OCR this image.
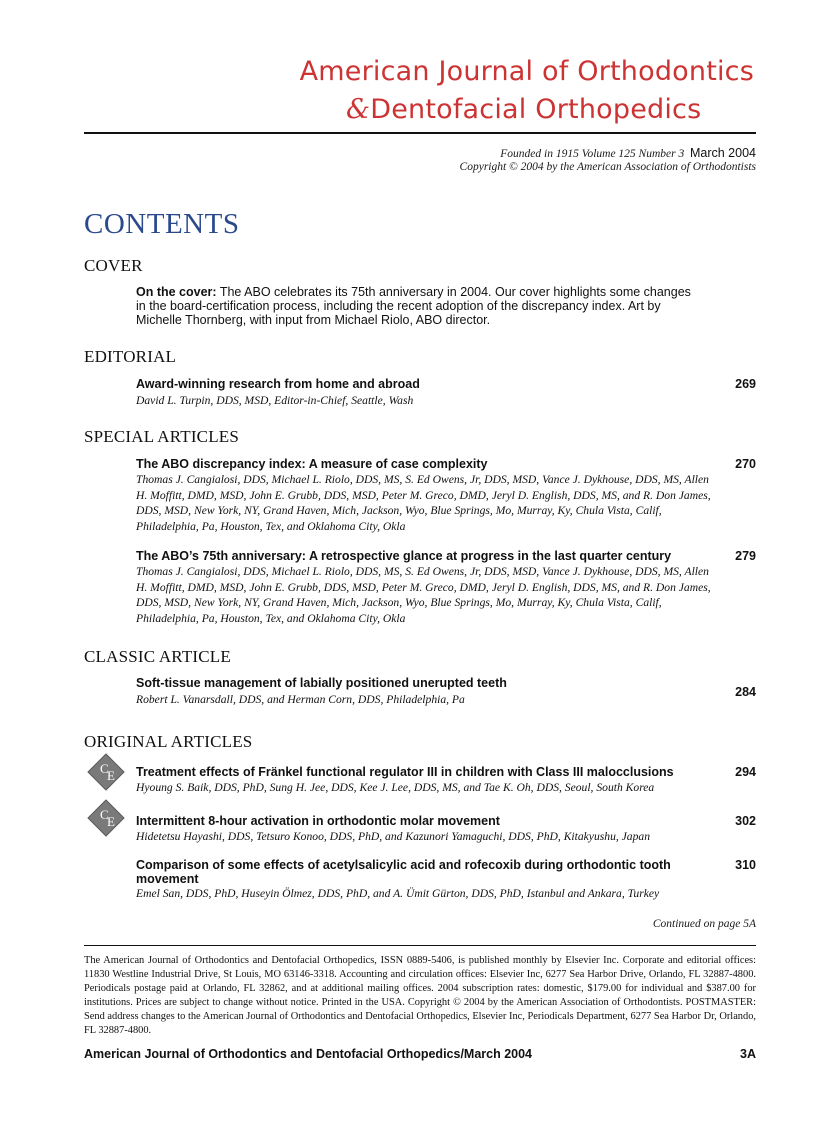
American Journal of Orthodontics
&Dentofacial Orthopedics
Founded in 1915 Volume 125 Number 3 March 2004
Copyright © 2004 by the American Association of Orthodontists
CONTENTS
COVER
On the cover: The ABO celebrates its 75th anniversary in 2004. Our cover highlights some changes in the board-certification process, including the recent adoption of the discrepancy index. Art by Michelle Thornberg, with input from Michael Riolo, ABO director.
EDITORIAL
Award-winning research from home and abroad
David L. Turpin, DDS, MSD, Editor-in-Chief, Seattle, Wash
269
SPECIAL ARTICLES
The ABO discrepancy index: A measure of case complexity
Thomas J. Cangialosi, DDS, Michael L. Riolo, DDS, MS, S. Ed Owens, Jr, DDS, MSD, Vance J. Dykhouse, DDS, MS, Allen H. Moffitt, DMD, MSD, John E. Grubb, DDS, MSD, Peter M. Greco, DMD, Jeryl D. English, DDS, MS, and R. Don James, DDS, MSD, New York, NY, Grand Haven, Mich, Jackson, Wyo, Blue Springs, Mo, Murray, Ky, Chula Vista, Calif, Philadelphia, Pa, Houston, Tex, and Oklahoma City, Okla
270
The ABO’s 75th anniversary: A retrospective glance at progress in the last quarter century
Thomas J. Cangialosi, DDS, Michael L. Riolo, DDS, MS, S. Ed Owens, Jr, DDS, MSD, Vance J. Dykhouse, DDS, MS, Allen H. Moffitt, DMD, MSD, John E. Grubb, DDS, MSD, Peter M. Greco, DMD, Jeryl D. English, DDS, MS, and R. Don James, DDS, MSD, New York, NY, Grand Haven, Mich, Jackson, Wyo, Blue Springs, Mo, Murray, Ky, Chula Vista, Calif, Philadelphia, Pa, Houston, Tex, and Oklahoma City, Okla
279
CLASSIC ARTICLE
Soft-tissue management of labially positioned unerupted teeth
Robert L. Vanarsdall, DDS, and Herman Corn, DDS, Philadelphia, Pa
284
ORIGINAL ARTICLES
C
E Treatment effects of Fränkel functional regulator III in children with Class III malocclusions
Hyoung S. Baik, DDS, PhD, Sung H. Jee, DDS, Kee J. Lee, DDS, MS, and Tae K. Oh, DDS, Seoul, South Korea
294
C
E Intermittent 8-hour activation in orthodontic molar movement
Hidetetsu Hayashi, DDS, Tetsuro Konoo, DDS, PhD, and Kazunori Yamaguchi, DDS, PhD, Kitakyushu, Japan
302
Comparison of some effects of acetylsalicylic acid and rofecoxib during orthodontic tooth movement
Emel San, DDS, PhD, Huseyin Ölmez, DDS, PhD, and A. Ümit Gürton, DDS, PhD, Istanbul and Ankara, Turkey
310
Continued on page 5A
The American Journal of Orthodontics and Dentofacial Orthopedics, ISSN 0889-5406, is published monthly by Elsevier Inc. Corporate and editorial offices: 11830 Westline Industrial Drive, St Louis, MO 63146-3318. Accounting and circulation offices: Elsevier Inc, 6277 Sea Harbor Drive, Orlando, FL 32887-4800. Periodicals postage paid at Orlando, FL 32862, and at additional mailing offices. 2004 subscription rates: domestic, $179.00 for individual and $387.00 for institutions. Prices are subject to change without notice. Printed in the USA. Copyright © 2004 by the American Association of Orthodontists. POSTMASTER: Send address changes to the American Journal of Orthodontics and Dentofacial Orthopedics, Elsevier Inc, Periodicals Department, 6277 Sea Harbor Dr, Orlando, FL 32887-4800.
American Journal of Orthodontics and Dentofacial Orthopedics/March 2004	3A
